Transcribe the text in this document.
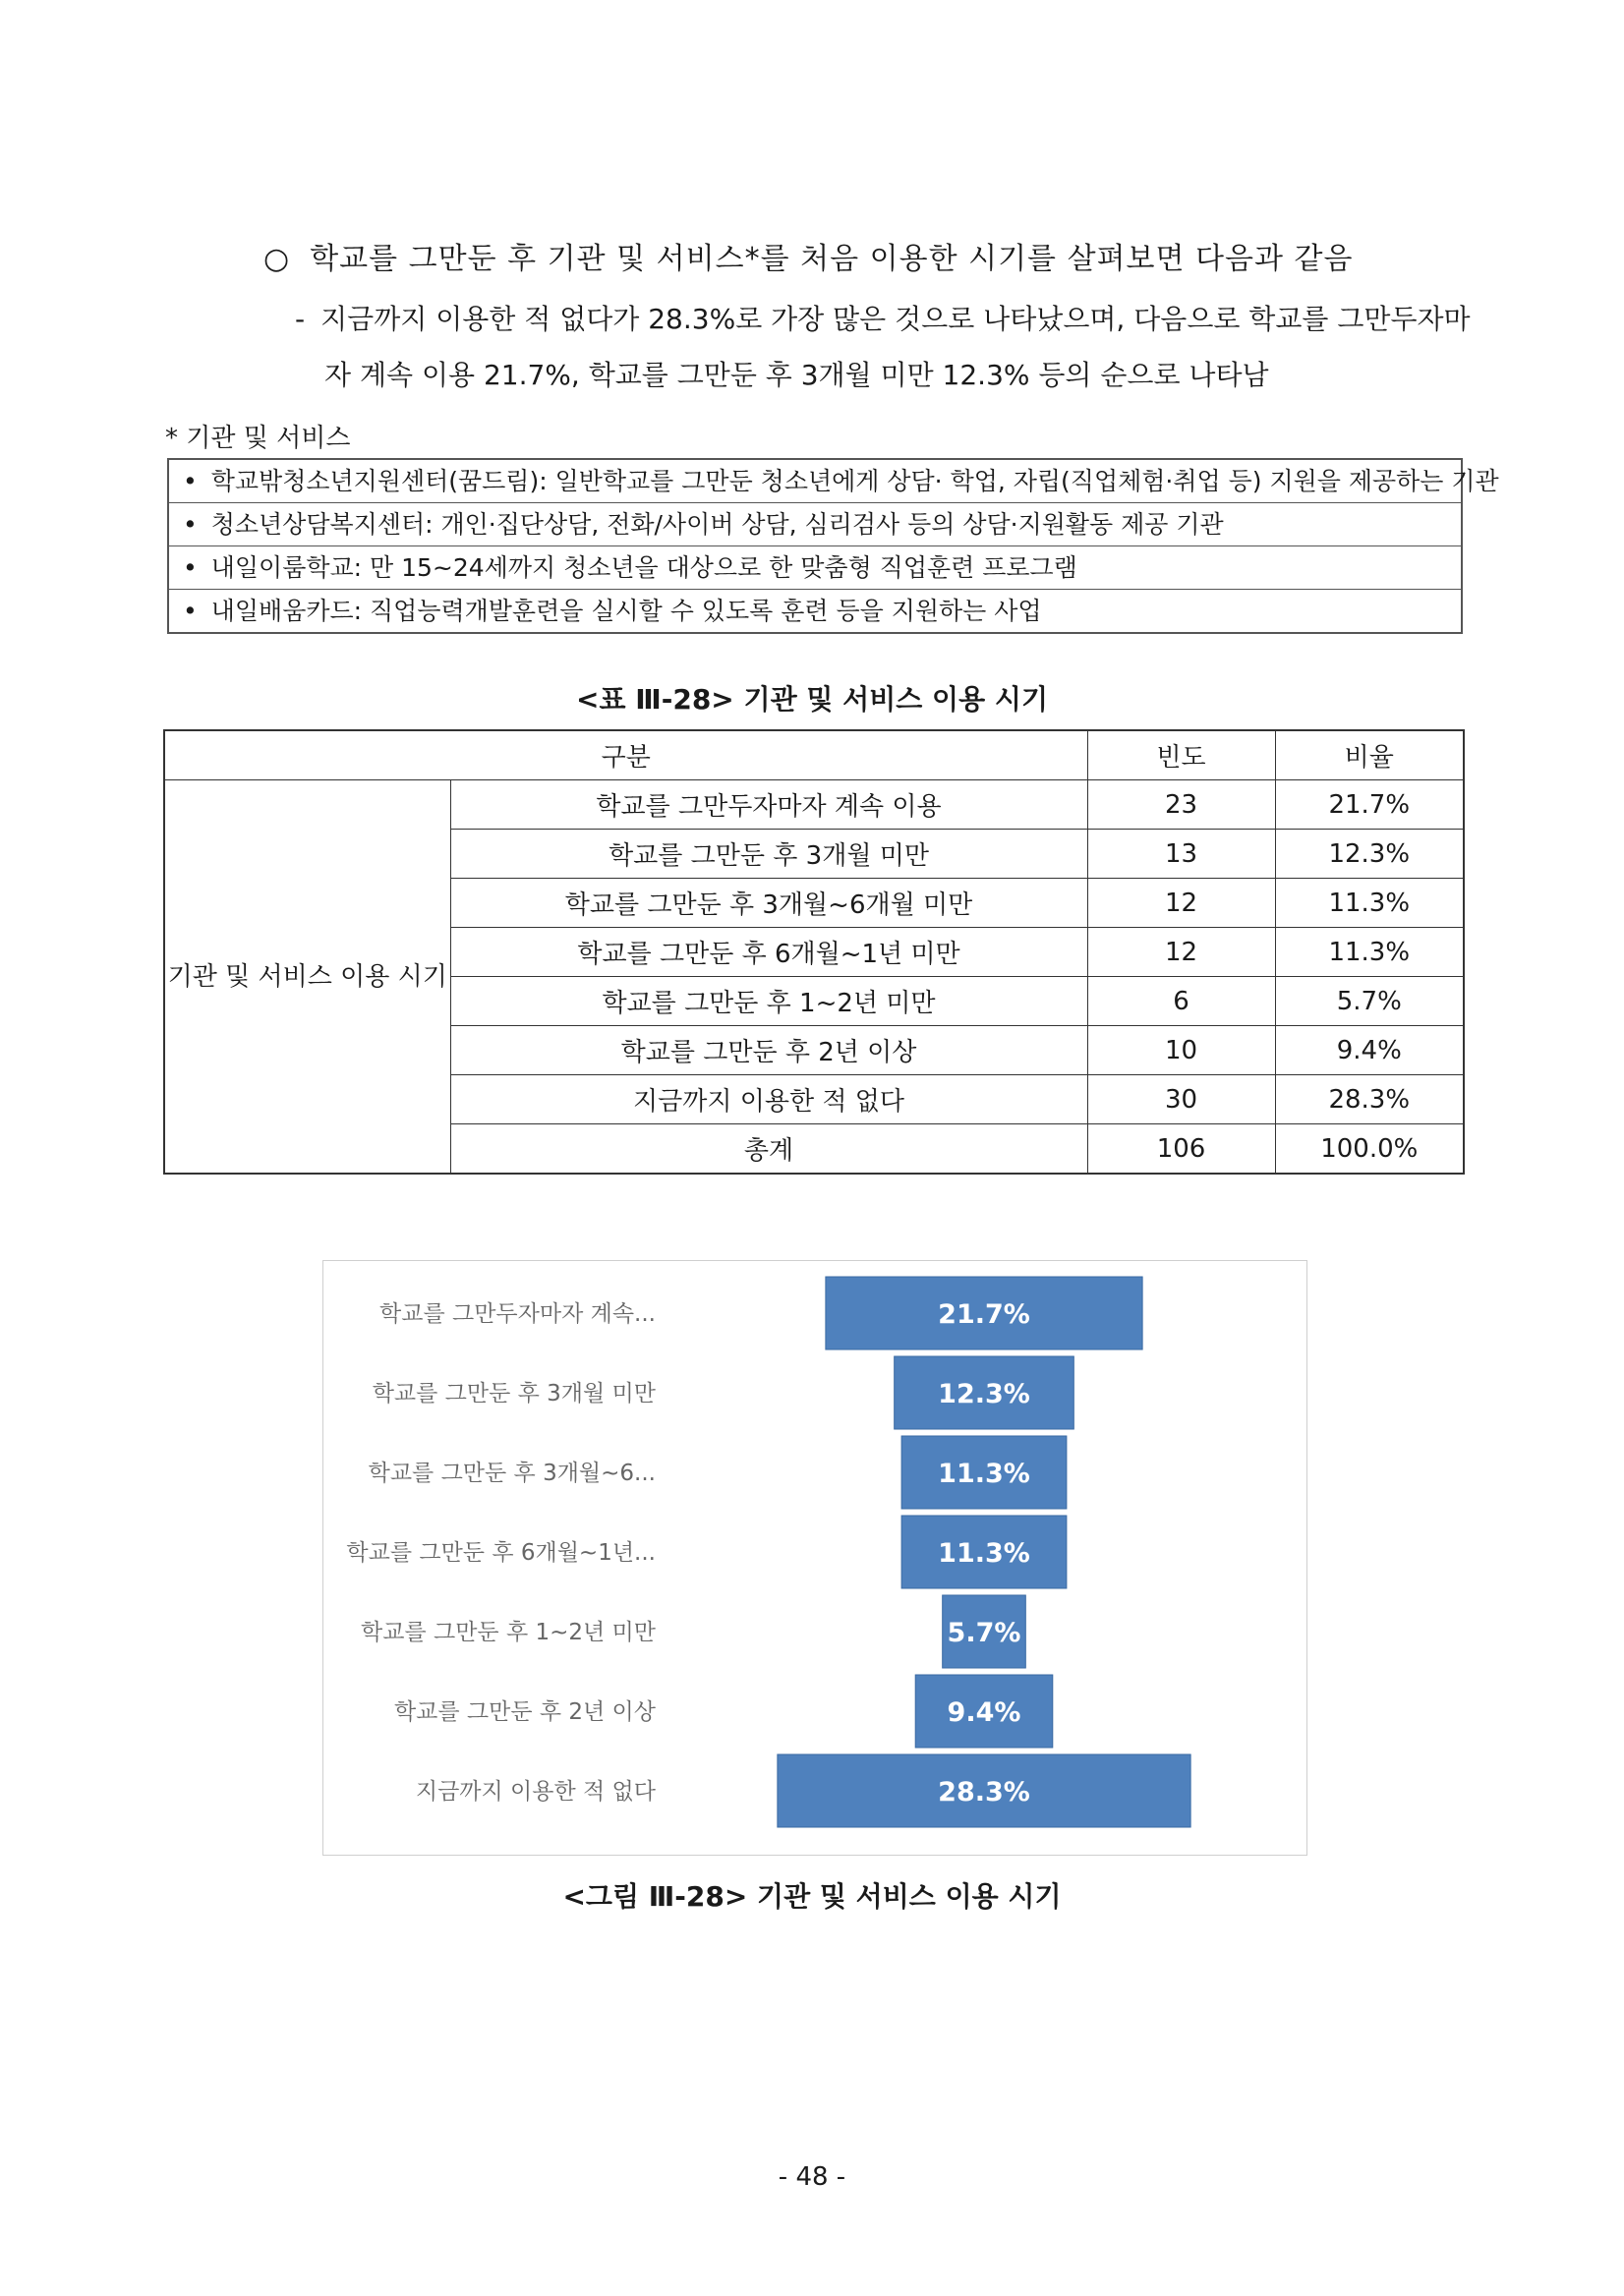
○ 학교를 그만둔 후 기관 및 서비스*를 처음 이용한 시기를 살펴보면 다음과 같음
- 지금까지 이용한 적 없다가 28.3%로 가장 많은 것으로 나타났으며, 다음으로 학교를 그만두자마
자 계속 이용 21.7%, 학교를 그만둔 후 3개월 미만 12.3% 등의 순으로 나타남
* 기관 및 서비스
• 학교밖청소년지원센터(꿈드림): 일반학교를 그만둔 청소년에게 상담· 학업, 자립(직업체험·취업 등) 지원을 제공하는 기관
• 청소년상담복지센터: 개인·집단상담, 전화/사이버 상담, 심리검사 등의 상담·지원활동 제공 기관
• 내일이룸학교: 만 15~24세까지 청소년을 대상으로 한 맞춤형 직업훈련 프로그램
• 내일배움카드: 직업능력개발훈련을 실시할 수 있도록 훈련 등을 지원하는 사업
<표 Ⅲ-28> 기관 및 서비스 이용 시기
구분		빈도	비율
기관 및 서비스 이용 시기	학교를 그만두자마자 계속 이용	23	21.7%
	학교를 그만둔 후 3개월 미만	13	12.3%
	학교를 그만둔 후 3개월~6개월 미만	12	11.3%
	학교를 그만둔 후 6개월~1년 미만	12	11.3%
	학교를 그만둔 후 1~2년 미만	6	5.7%
	학교를 그만둔 후 2년 이상	10	9.4%
	지금까지 이용한 적 없다	30	28.3%
	총계	106	100.0%
21.7%
학교를 그만두자마자 계속...
12.3%
학교를 그만둔 후 3개월 미만
11.3%
학교를 그만둔 후 3개월~6...
11.3%
학교를 그만둔 후 6개월~1년...
5.7%
학교를 그만둔 후 1~2년 미만
9.4%
학교를 그만둔 후 2년 이상
28.3%
지금까지 이용한 적 없다
<그림 Ⅲ-28> 기관 및 서비스 이용 시기
- 48 -
